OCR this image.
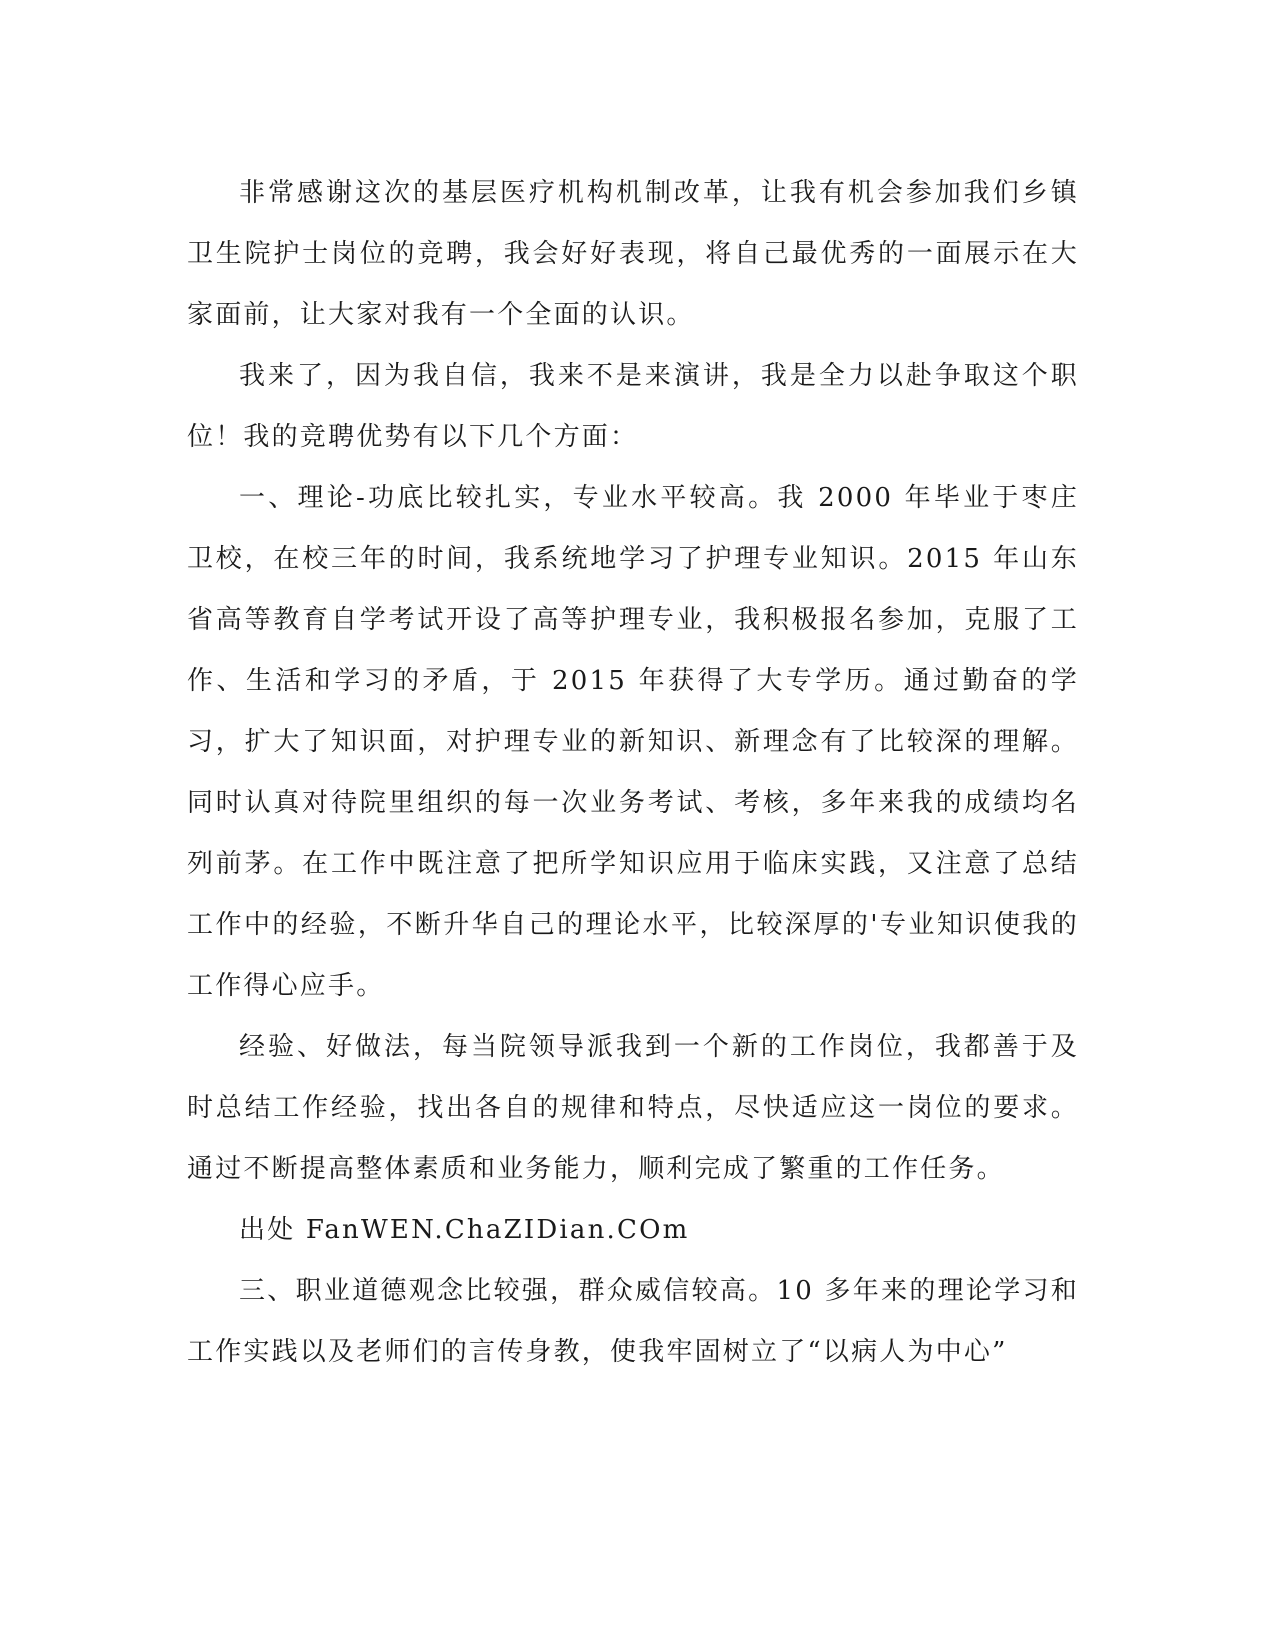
非常感谢这次的基层医疗机构机制改革，让我有机会参加我们乡镇卫生院护士岗位的竞聘，我会好好表现，将自己最优秀的一面展示在大家面前，让大家对我有一个全面的认识。

我来了，因为我自信，我来不是来演讲，我是全力以赴争取这个职位！我的竞聘优势有以下几个方面：

一、理论-功底比较扎实，专业水平较高。我 2000 年毕业于枣庄卫校，在校三年的时间，我系统地学习了护理专业知识。2015 年山东省高等教育自学考试开设了高等护理专业，我积极报名参加，克服了工作、生活和学习的矛盾，于 2015 年获得了大专学历。通过勤奋的学习，扩大了知识面，对护理专业的新知识、新理念有了比较深的理解。同时认真对待院里组织的每一次业务考试、考核，多年来我的成绩均名列前茅。在工作中既注意了把所学知识应用于临床实践，又注意了总结工作中的经验，不断升华自己的理论水平，比较深厚的'专业知识使我的工作得心应手。

经验、好做法，每当院领导派我到一个新的工作岗位，我都善于及时总结工作经验，找出各自的规律和特点，尽快适应这一岗位的要求。通过不断提高整体素质和业务能力，顺利完成了繁重的工作任务。

出处 FanWEN.ChaZIDian.COm

三、职业道德观念比较强，群众威信较高。10 多年来的理论学习和工作实践以及老师们的言传身教，使我牢固树立了“以病人为中心”
